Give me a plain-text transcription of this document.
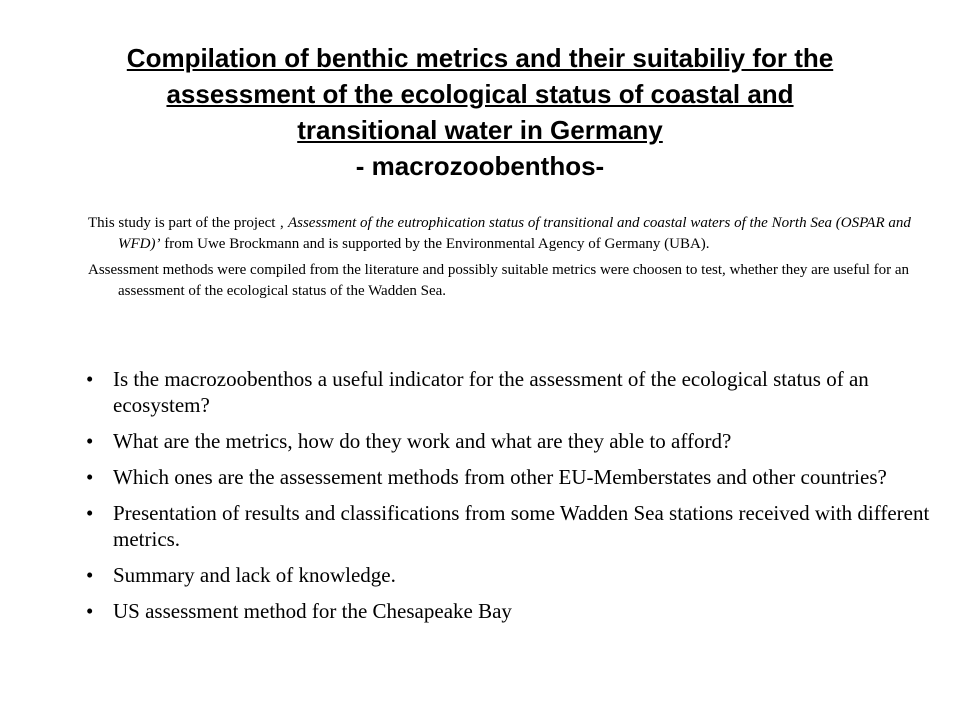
Compilation of benthic metrics and their suitabiliy for the
assessment of the ecological status of coastal and
transitional water in Germany
- macrozoobenthos-

This study is part of the project ‚ Assessment of the eutrophication status of transitional and coastal waters of the North Sea (OSPAR and WFD)’ from Uwe Brockmann and is supported by the Environmental Agency of Germany (UBA).

Assessment methods were compiled from the literature and possibly suitable metrics were choosen to test, whether they are useful for an assessment of the ecological status of the Wadden Sea.

• Is the macrozoobenthos a useful indicator for the assessment of the ecological status of an ecosystem?
• What are the metrics, how do they work and what are they able to afford?
• Which ones are the assessement methods from other EU-Memberstates and other countries?
• Presentation of results and classifications from some Wadden Sea stations received with different metrics.
• Summary and lack of knowledge.
• US assessment method for the Chesapeake Bay
